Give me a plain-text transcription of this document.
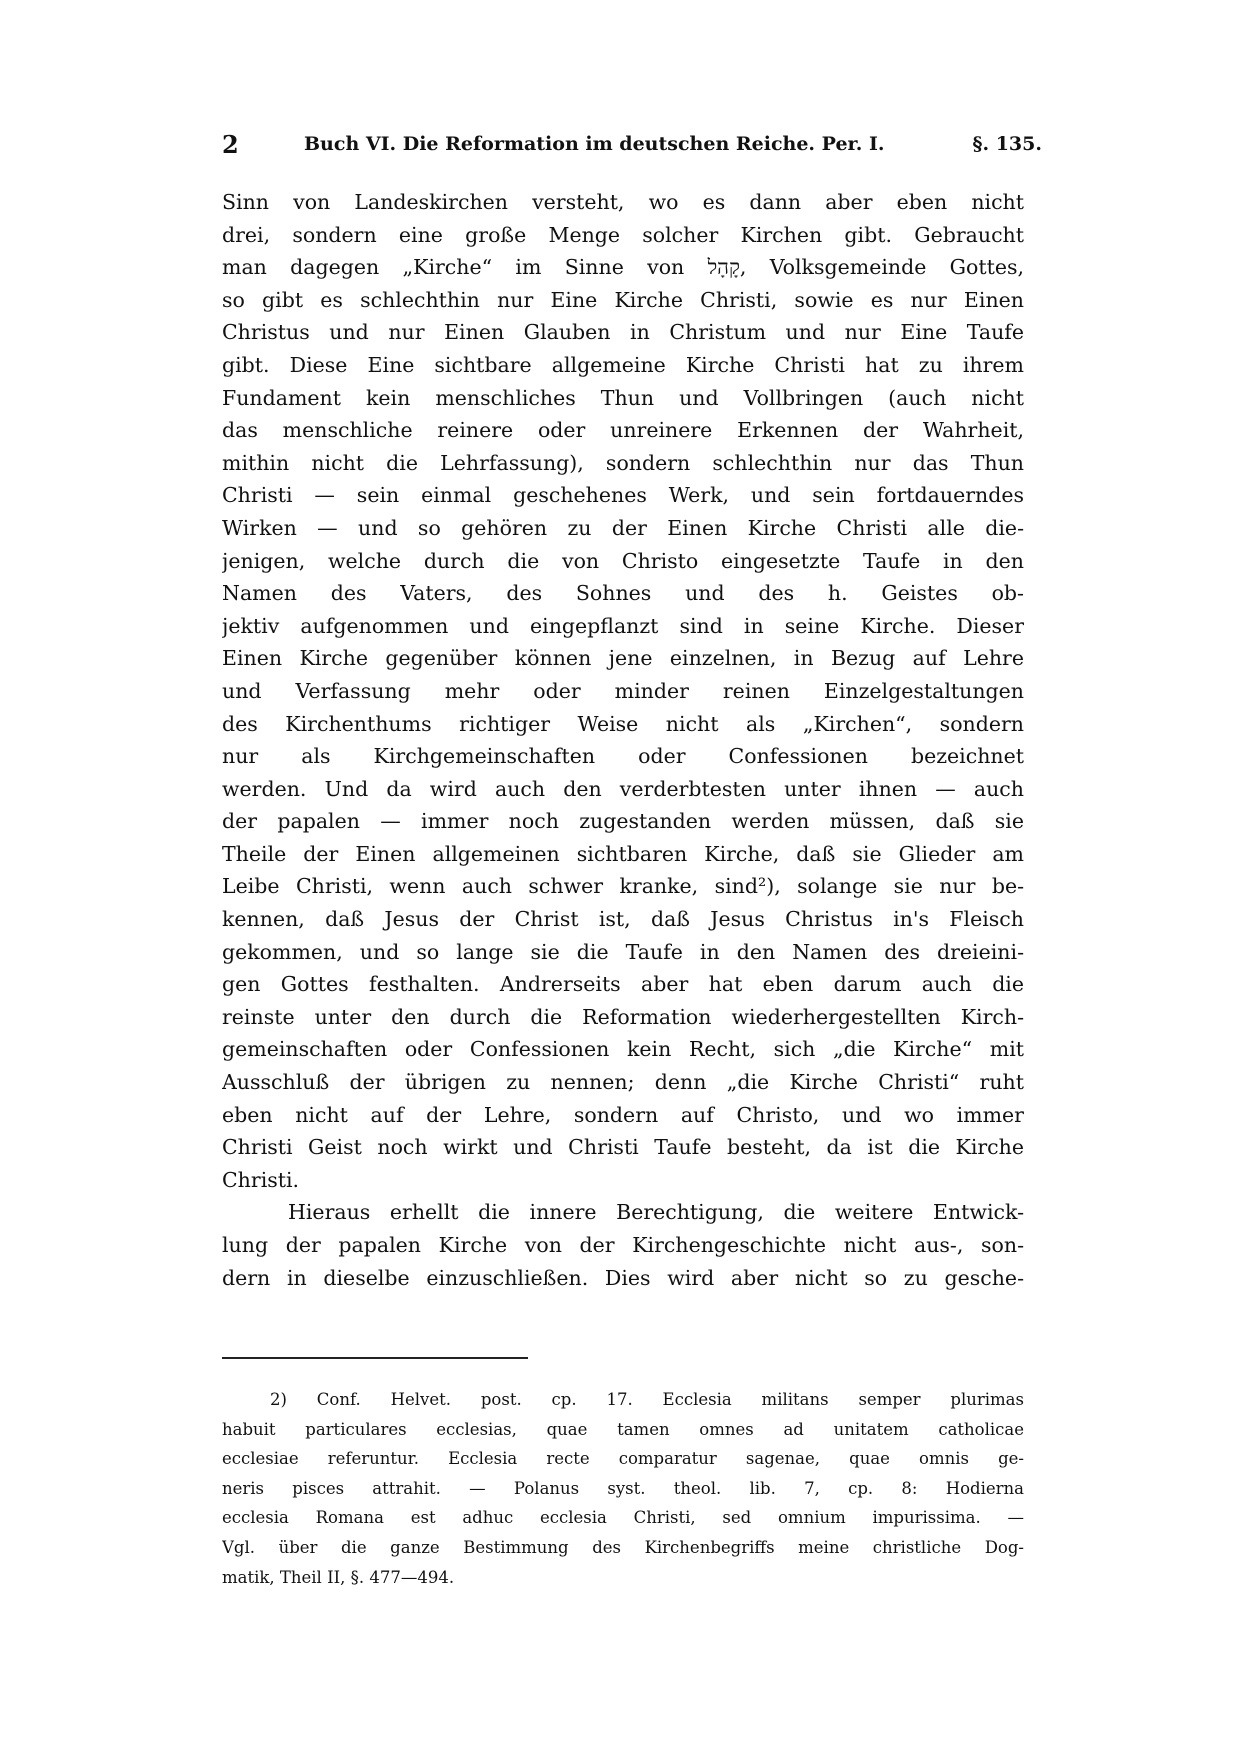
2	Buch VI. Die Reformation im deutschen Reiche. Per. I.	§. 135.
Sinn von Landeskirchen versteht, wo es dann aber eben nicht
drei, sondern eine große Menge solcher Kirchen gibt. Gebraucht
man dagegen „Kirche“ im Sinne von קָהָל, Volksgemeinde Gottes,
so gibt es schlechthin nur Eine Kirche Christi, sowie es nur Einen
Christus und nur Einen Glauben in Christum und nur Eine Taufe
gibt. Diese Eine sichtbare allgemeine Kirche Christi hat zu ihrem
Fundament kein menschliches Thun und Vollbringen (auch nicht
das menschliche reinere oder unreinere Erkennen der Wahrheit,
mithin nicht die Lehrfassung), sondern schlechthin nur das Thun
Christi — sein einmal geschehenes Werk, und sein fortdauerndes
Wirken — und so gehören zu der Einen Kirche Christi alle die-
jenigen, welche durch die von Christo eingesetzte Taufe in den
Namen des Vaters, des Sohnes und des h. Geistes ob-
jektiv aufgenommen und eingepflanzt sind in seine Kirche. Dieser
Einen Kirche gegenüber können jene einzelnen, in Bezug auf Lehre
und Verfassung mehr oder minder reinen Einzelgestaltungen
des Kirchenthums richtiger Weise nicht als „Kirchen“, sondern
nur als Kirchgemeinschaften oder Confessionen bezeichnet
werden. Und da wird auch den verderbtesten unter ihnen — auch
der papalen — immer noch zugestanden werden müssen, daß sie
Theile der Einen allgemeinen sichtbaren Kirche, daß sie Glieder am
Leibe Christi, wenn auch schwer kranke, sind²), solange sie nur be-
kennen, daß Jesus der Christ ist, daß Jesus Christus in's Fleisch
gekommen, und so lange sie die Taufe in den Namen des dreieini-
gen Gottes festhalten. Andrerseits aber hat eben darum auch die
reinste unter den durch die Reformation wiederhergestellten Kirch-
gemeinschaften oder Confessionen kein Recht, sich „die Kirche“ mit
Ausschluß der übrigen zu nennen; denn „die Kirche Christi“ ruht
eben nicht auf der Lehre, sondern auf Christo, und wo immer
Christi Geist noch wirkt und Christi Taufe besteht, da ist die Kirche
Christi.
Hieraus erhellt die innere Berechtigung, die weitere Entwick-
lung der papalen Kirche von der Kirchengeschichte nicht aus-, son-
dern in dieselbe einzuschließen. Dies wird aber nicht so zu gesche-
2) Conf. Helvet. post. cp. 17. Ecclesia militans semper plurimas
habuit particulares ecclesias, quae tamen omnes ad unitatem catholicae
ecclesiae referuntur. Ecclesia recte comparatur sagenae, quae omnis ge-
neris pisces attrahit. — Polanus syst. theol. lib. 7, cp. 8: Hodierna
ecclesia Romana est adhuc ecclesia Christi, sed omnium impurissima. —
Vgl. über die ganze Bestimmung des Kirchenbegriffs meine christliche Dog-
matik, Theil II, §. 477—494.
